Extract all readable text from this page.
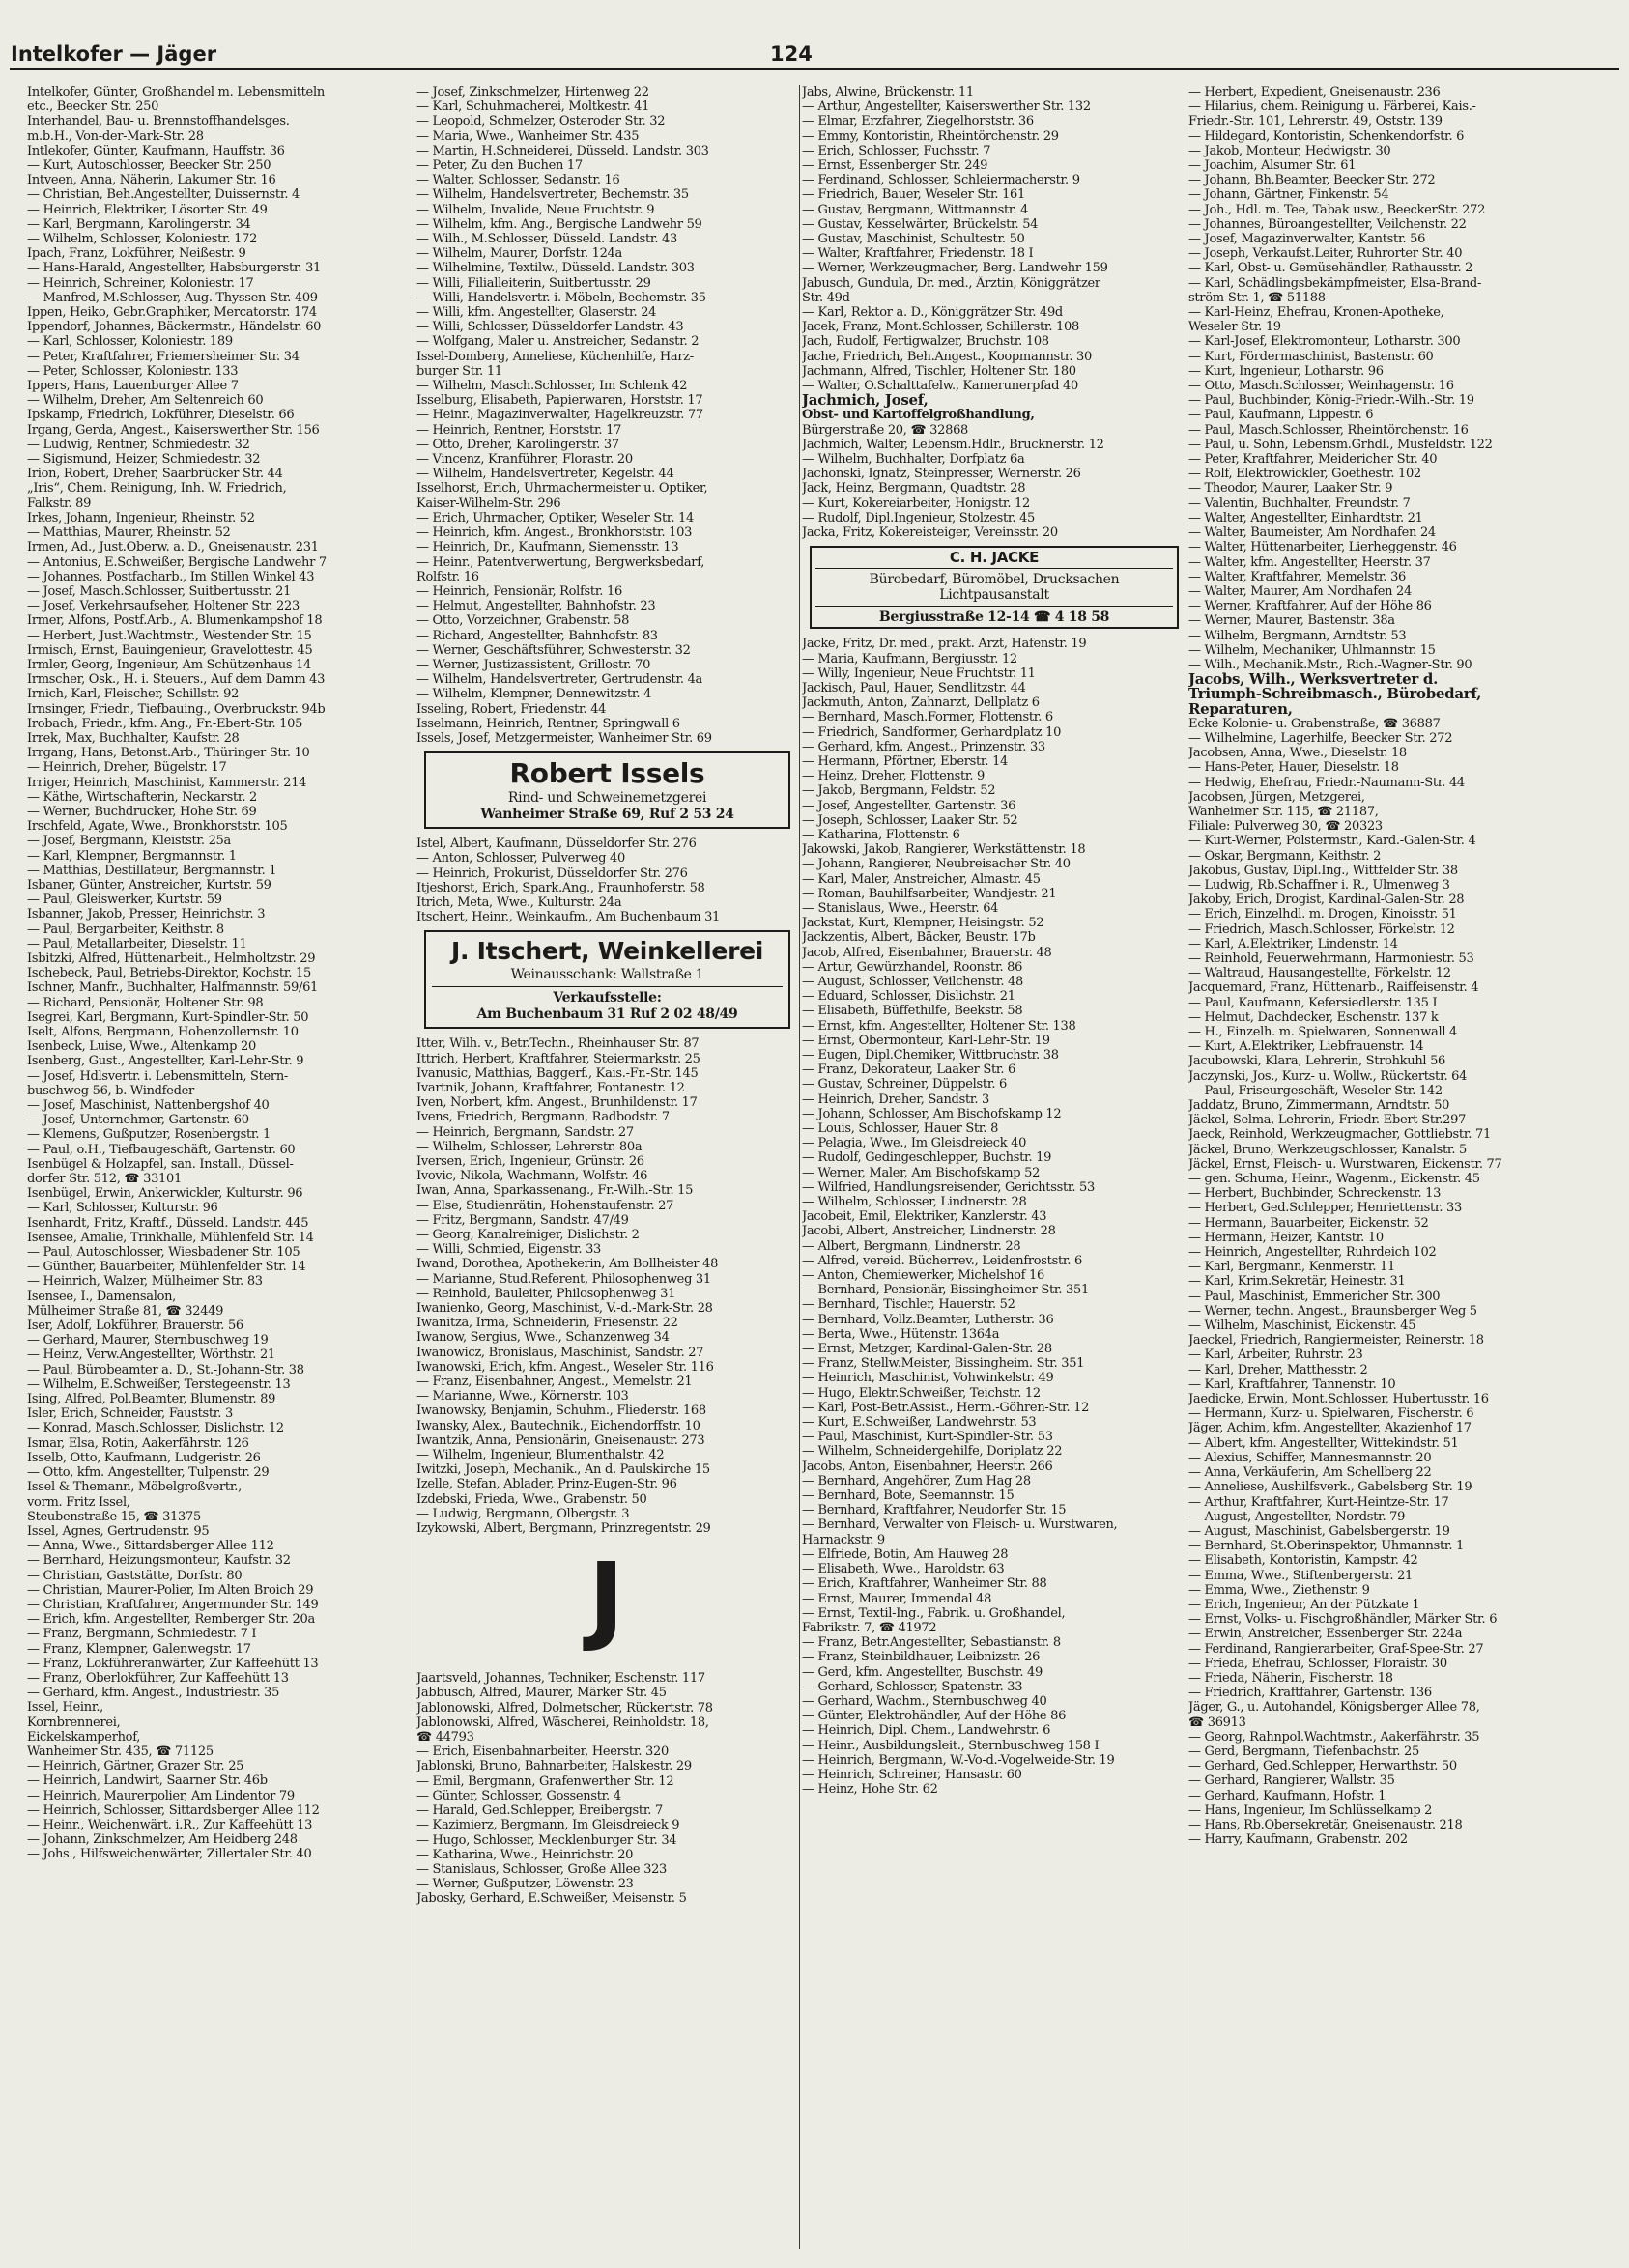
Intelkofer — Jäger	124
Intelkofer, Günter, Großhandel m. Lebensmitteln
etc., Beecker Str. 250
Interhandel, Bau- u. Brennstoffhandelsges.
m.b.H., Von-der-Mark-Str. 28
Intlekofer, Günter, Kaufmann, Hauffstr. 36
— Kurt, Autoschlosser, Beecker Str. 250
Intveen, Anna, Näherin, Lakumer Str. 16
— Christian, Beh.Angestellter, Duissernstr. 4
— Heinrich, Elektriker, Lösorter Str. 49
— Karl, Bergmann, Karolingerstr. 34
— Wilhelm, Schlosser, Koloniestr. 172
Ipach, Franz, Lokführer, Neißestr. 9
— Hans-Harald, Angestellter, Habsburgerstr. 31
— Heinrich, Schreiner, Koloniestr. 17
— Manfred, M.Schlosser, Aug.-Thyssen-Str. 409
Ippen, Heiko, Gebr.Graphiker, Mercatorstr. 174
Ippendorf, Johannes, Bäckermstr., Händelstr. 60
— Karl, Schlosser, Koloniestr. 189
— Peter, Kraftfahrer, Friemersheimer Str. 34
— Peter, Schlosser, Koloniestr. 133
Ippers, Hans, Lauenburger Allee 7
— Wilhelm, Dreher, Am Seltenreich 60
Ipskamp, Friedrich, Lokführer, Dieselstr. 66
Irgang, Gerda, Angest., Kaiserswerther Str. 156
— Ludwig, Rentner, Schmiedestr. 32
— Sigismund, Heizer, Schmiedestr. 32
Irion, Robert, Dreher, Saarbrücker Str. 44
„Iris“, Chem. Reinigung, Inh. W. Friedrich,
Falkstr. 89
Irkes, Johann, Ingenieur, Rheinstr. 52
— Matthias, Maurer, Rheinstr. 52
Irmen, Ad., Just.Oberw. a. D., Gneisenaustr. 231
— Antonius, E.Schweißer, Bergische Landwehr 7
— Johannes, Postfacharb., Im Stillen Winkel 43
— Josef, Masch.Schlosser, Suitbertusstr. 21
— Josef, Verkehrsaufseher, Holtener Str. 223
Irmer, Alfons, Postf.Arb., A. Blumenkampshof 18
— Herbert, Just.Wachtmstr., Westender Str. 15
Irmisch, Ernst, Bauingenieur, Gravelottestr. 45
Irmler, Georg, Ingenieur, Am Schützenhaus 14
Irmscher, Osk., H. i. Steuers., Auf dem Damm 43
Irnich, Karl, Fleischer, Schillstr. 92
Irnsinger, Friedr., Tiefbauing., Overbruckstr. 94b
Irobach, Friedr., kfm. Ang., Fr.-Ebert-Str. 105
Irrek, Max, Buchhalter, Kaufstr. 28
Irrgang, Hans, Betonst.Arb., Thüringer Str. 10
— Heinrich, Dreher, Bügelstr. 17
Irriger, Heinrich, Maschinist, Kammerstr. 214
— Käthe, Wirtschafterin, Neckarstr. 2
— Werner, Buchdrucker, Hohe Str. 69
Irschfeld, Agate, Wwe., Bronkhorststr. 105
— Josef, Bergmann, Kleiststr. 25a
— Karl, Klempner, Bergmannstr. 1
— Matthias, Destillateur, Bergmannstr. 1
Isbaner, Günter, Anstreicher, Kurtstr. 59
— Paul, Gleiswerker, Kurtstr. 59
Isbanner, Jakob, Presser, Heinrichstr. 3
— Paul, Bergarbeiter, Keithstr. 8
— Paul, Metallarbeiter, Dieselstr. 11
Isbitzki, Alfred, Hüttenarbeit., Helmholtzstr. 29
Ischebeck, Paul, Betriebs-Direktor, Kochstr. 15
Ischner, Manfr., Buchhalter, Halfmannstr. 59/61
— Richard, Pensionär, Holtener Str. 98
Isegrei, Karl, Bergmann, Kurt-Spindler-Str. 50
Iselt, Alfons, Bergmann, Hohenzollernstr. 10
Isenbeck, Luise, Wwe., Altenkamp 20
Isenberg, Gust., Angestellter, Karl-Lehr-Str. 9
— Josef, Hdlsvertr. i. Lebensmitteln, Stern-
buschweg 56, b. Windfeder
— Josef, Maschinist, Nattenbergshof 40
— Josef, Unternehmer, Gartenstr. 60
— Klemens, Gußputzer, Rosenbergstr. 1
— Paul, o.H., Tiefbaugeschäft, Gartenstr. 60
Isenbügel & Holzapfel, san. Install., Düssel-
dorfer Str. 512, ☎ 33101
Isenbügel, Erwin, Ankerwickler, Kulturstr. 96
— Karl, Schlosser, Kulturstr. 96
Isenhardt, Fritz, Kraftf., Düsseld. Landstr. 445
Isensee, Amalie, Trinkhalle, Mühlenfeld Str. 14
— Paul, Autoschlosser, Wiesbadener Str. 105
— Günther, Bauarbeiter, Mühlenfelder Str. 14
— Heinrich, Walzer, Mülheimer Str. 83
Isensee, I., Damensalon,
Mülheimer Straße 81, ☎ 32449
Iser, Adolf, Lokführer, Brauerstr. 56
— Gerhard, Maurer, Sternbuschweg 19
— Heinz, Verw.Angestellter, Wörthstr. 21
— Paul, Bürobeamter a. D., St.-Johann-Str. 38
— Wilhelm, E.Schweißer, Terstegeenstr. 13
Ising, Alfred, Pol.Beamter, Blumenstr. 89
Isler, Erich, Schneider, Fauststr. 3
— Konrad, Masch.Schlosser, Dislichstr. 12
Ismar, Elsa, Rotin, Aakerfährstr. 126
Isselb, Otto, Kaufmann, Ludgeristr. 26
— Otto, kfm. Angestellter, Tulpenstr. 29
Issel & Themann, Möbelgroßvertr.,
vorm. Fritz Issel,
Steubenstraße 15, ☎ 31375
Issel, Agnes, Gertrudenstr. 95
— Anna, Wwe., Sittardsberger Allee 112
— Bernhard, Heizungsmonteur, Kaufstr. 32
— Christian, Gaststätte, Dorfstr. 80
— Christian, Maurer-Polier, Im Alten Broich 29
— Christian, Kraftfahrer, Angermunder Str. 149
— Erich, kfm. Angestellter, Remberger Str. 20a
— Franz, Bergmann, Schmiedestr. 7 I
— Franz, Klempner, Galenwegstr. 17
— Franz, Lokführeranwärter, Zur Kaffeehütt 13
— Franz, Oberlokführer, Zur Kaffeehütt 13
— Gerhard, kfm. Angest., Industriestr. 35
Issel, Heinr.,
Kornbrennerei,
Eickelskamperhof,
Wanheimer Str. 435, ☎ 71125
— Heinrich, Gärtner, Grazer Str. 25
— Heinrich, Landwirt, Saarner Str. 46b
— Heinrich, Maurerpolier, Am Lindentor 79
— Heinrich, Schlosser, Sittardsberger Allee 112
— Heinr., Weichenwärt. i.R., Zur Kaffeehütt 13
— Johann, Zinkschmelzer, Am Heidberg 248
— Johs., Hilfsweichenwärter, Zillertaler Str. 40
— Josef, Zinkschmelzer, Hirtenweg 22
— Karl, Schuhmacherei, Moltkestr. 41
— Leopold, Schmelzer, Osteroder Str. 32
— Maria, Wwe., Wanheimer Str. 435
— Martin, H.Schneiderei, Düsseld. Landstr. 303
— Peter, Zu den Buchen 17
— Walter, Schlosser, Sedanstr. 16
— Wilhelm, Handelsvertreter, Bechemstr. 35
— Wilhelm, Invalide, Neue Fruchtstr. 9
— Wilhelm, kfm. Ang., Bergische Landwehr 59
— Wilh., M.Schlosser, Düsseld. Landstr. 43
— Wilhelm, Maurer, Dorfstr. 124a
— Wilhelmine, Textilw., Düsseld. Landstr. 303
— Willi, Filialleiterin, Suitbertusstr. 29
— Willi, Handelsvertr. i. Möbeln, Bechemstr. 35
— Willi, kfm. Angestellter, Glaserstr. 24
— Willi, Schlosser, Düsseldorfer Landstr. 43
— Wolfgang, Maler u. Anstreicher, Sedanstr. 2
Issel-Domberg, Anneliese, Küchenhilfe, Harz-
burger Str. 11
— Wilhelm, Masch.Schlosser, Im Schlenk 42
Isselburg, Elisabeth, Papierwaren, Horststr. 17
— Heinr., Magazinverwalter, Hagelkreuzstr. 77
— Heinrich, Rentner, Horststr. 17
— Otto, Dreher, Karolingerstr. 37
— Vincenz, Kranführer, Florastr. 20
— Wilhelm, Handelsvertreter, Kegelstr. 44
Isselhorst, Erich, Uhrmachermeister u. Optiker,
Kaiser-Wilhelm-Str. 296
— Erich, Uhrmacher, Optiker, Weseler Str. 14
— Heinrich, kfm. Angest., Bronkhorststr. 103
— Heinrich, Dr., Kaufmann, Siemensstr. 13
— Heinr., Patentverwertung, Bergwerksbedarf,
Rolfstr. 16
— Heinrich, Pensionär, Rolfstr. 16
— Helmut, Angestellter, Bahnhofstr. 23
— Otto, Vorzeichner, Grabenstr. 58
— Richard, Angestellter, Bahnhofstr. 83
— Werner, Geschäftsführer, Schwesterstr. 32
— Werner, Justizassistent, Grillostr. 70
— Wilhelm, Handelsvertreter, Gertrudenstr. 4a
— Wilhelm, Klempner, Dennewitzstr. 4
Isseling, Robert, Friedenstr. 44
Isselmann, Heinrich, Rentner, Springwall 6
Issels, Josef, Metzgermeister, Wanheimer Str. 69
Robert Issels
Rind- und Schweinemetzgerei
Wanheimer Straße 69, Ruf 2 53 24
Istel, Albert, Kaufmann, Düsseldorfer Str. 276
— Anton, Schlosser, Pulverweg 40
— Heinrich, Prokurist, Düsseldorfer Str. 276
Itjeshorst, Erich, Spark.Ang., Fraunhoferstr. 58
Itrich, Meta, Wwe., Kulturstr. 24a
Itschert, Heinr., Weinkaufm., Am Buchenbaum 31
J. Itschert, Weinkellerei
Weinausschank: Wallstraße 1
Verkaufsstelle:
Am Buchenbaum 31 Ruf 2 02 48/49
Itter, Wilh. v., Betr.Techn., Rheinhauser Str. 87
Ittrich, Herbert, Kraftfahrer, Steiermarkstr. 25
Ivanusic, Matthias, Baggerf., Kais.-Fr.-Str. 145
Ivartnik, Johann, Kraftfahrer, Fontanestr. 12
Iven, Norbert, kfm. Angest., Brunhildenstr. 17
Ivens, Friedrich, Bergmann, Radbodstr. 7
— Heinrich, Bergmann, Sandstr. 27
— Wilhelm, Schlosser, Lehrerstr. 80a
Iversen, Erich, Ingenieur, Grünstr. 26
Ivovic, Nikola, Wachmann, Wolfstr. 46
Iwan, Anna, Sparkassenang., Fr.-Wilh.-Str. 15
— Else, Studienrätin, Hohenstaufenstr. 27
— Fritz, Bergmann, Sandstr. 47/49
— Georg, Kanalreiniger, Dislichstr. 2
— Willi, Schmied, Eigenstr. 33
Iwand, Dorothea, Apothekerin, Am Bollheister 48
— Marianne, Stud.Referent, Philosophenweg 31
— Reinhold, Bauleiter, Philosophenweg 31
Iwanienko, Georg, Maschinist, V.-d.-Mark-Str. 28
Iwanitza, Irma, Schneiderin, Friesenstr. 22
Iwanow, Sergius, Wwe., Schanzenweg 34
Iwanowicz, Bronislaus, Maschinist, Sandstr. 27
Iwanowski, Erich, kfm. Angest., Weseler Str. 116
— Franz, Eisenbahner, Angest., Memelstr. 21
— Marianne, Wwe., Körnerstr. 103
Iwanowsky, Benjamin, Schuhm., Fliederstr. 168
Iwansky, Alex., Bautechnik., Eichendorffstr. 10
Iwantzik, Anna, Pensionärin, Gneisenaustr. 273
— Wilhelm, Ingenieur, Blumenthalstr. 42
Iwitzki, Joseph, Mechanik., An d. Paulskirche 15
Izelle, Stefan, Ablader, Prinz-Eugen-Str. 96
Izdebski, Frieda, Wwe., Grabenstr. 50
— Ludwig, Bergmann, Ölbergstr. 3
Izykowski, Albert, Bergmann, Prinzregentstr. 29
J
Jaartsveld, Johannes, Techniker, Eschenstr. 117
Jabbusch, Alfred, Maurer, Märker Str. 45
Jablonowski, Alfred, Dolmetscher, Rückertstr. 78
Jablonowski, Alfred, Wäscherei, Reinholdstr. 18,
☎ 44793
— Erich, Eisenbahnarbeiter, Heerstr. 320
Jablonski, Bruno, Bahnarbeiter, Halskestr. 29
— Emil, Bergmann, Grafenwerther Str. 12
— Günter, Schlosser, Gossenstr. 4
— Harald, Ged.Schlepper, Breibergstr. 7
— Kazimierz, Bergmann, Im Gleisdreieck 9
— Hugo, Schlosser, Mecklenburger Str. 34
— Katharina, Wwe., Heinrichstr. 20
— Stanislaus, Schlosser, Große Allee 323
— Werner, Gußputzer, Löwenstr. 23
Jabosky, Gerhard, E.Schweißer, Meisenstr. 5
Jabs, Alwine, Brückenstr. 11
— Arthur, Angestellter, Kaiserswerther Str. 132
— Elmar, Erzfahrer, Ziegelhorststr. 36
— Emmy, Kontoristin, Rheintörchenstr. 29
— Erich, Schlosser, Fuchsstr. 7
— Ernst, Essenberger Str. 249
— Ferdinand, Schlosser, Schleiermacherstr. 9
— Friedrich, Bauer, Weseler Str. 161
— Gustav, Bergmann, Wittmannstr. 4
— Gustav, Kesselwärter, Brückelstr. 54
— Gustav, Maschinist, Schultestr. 50
— Walter, Kraftfahrer, Friedenstr. 18 I
— Werner, Werkzeugmacher, Berg. Landwehr 159
Jabusch, Gundula, Dr. med., Ärztin, Königgrätzer
Str. 49d
— Karl, Rektor a. D., Königgrätzer Str. 49d
Jacek, Franz, Mont.Schlosser, Schillerstr. 108
Jach, Rudolf, Fertigwalzer, Bruchstr. 108
Jache, Friedrich, Beh.Angest., Koopmannstr. 30
Jachmann, Alfred, Tischler, Holtener Str. 180
— Walter, O.Schalttafelw., Kamerunerpfad 40
Jachmich, Josef,
Obst- und Kartoffelgroßhandlung,
Bürgerstraße 20, ☎ 32868
Jachmich, Walter, Lebensm.Hdlr., Brucknerstr. 12
— Wilhelm, Buchhalter, Dorfplatz 6a
Jachonski, Ignatz, Steinpresser, Wernerstr. 26
Jack, Heinz, Bergmann, Quadtstr. 28
— Kurt, Kokereiarbeiter, Honigstr. 12
— Rudolf, Dipl.Ingenieur, Stolzestr. 45
Jacka, Fritz, Kokereisteiger, Vereinsstr. 20
C. H. JACKE
Bürobedarf, Büromöbel, Drucksachen
Lichtpausanstalt
Bergiusstraße 12-14 ☎ 4 18 58
Jacke, Fritz, Dr. med., prakt. Arzt, Hafenstr. 19
— Maria, Kaufmann, Bergiusstr. 12
— Willy, Ingenieur, Neue Fruchtstr. 11
Jackisch, Paul, Hauer, Sendlitzstr. 44
Jackmuth, Anton, Zahnarzt, Dellplatz 6
— Bernhard, Masch.Former, Flottenstr. 6
— Friedrich, Sandformer, Gerhardplatz 10
— Gerhard, kfm. Angest., Prinzenstr. 33
— Hermann, Pförtner, Eberstr. 14
— Heinz, Dreher, Flottenstr. 9
— Jakob, Bergmann, Feldstr. 52
— Josef, Angestellter, Gartenstr. 36
— Joseph, Schlosser, Laaker Str. 52
— Katharina, Flottenstr. 6
Jakowski, Jakob, Rangierer, Werkstättenstr. 18
— Johann, Rangierer, Neubreisacher Str. 40
— Karl, Maler, Anstreicher, Almastr. 45
— Roman, Bauhilfsarbeiter, Wandjestr. 21
— Stanislaus, Wwe., Heerstr. 64
Jackstat, Kurt, Klempner, Heisingstr. 52
Jackzentis, Albert, Bäcker, Beustr. 17b
Jacob, Alfred, Eisenbahner, Brauerstr. 48
— Artur, Gewürzhandel, Roonstr. 86
— August, Schlosser, Veilchenstr. 48
— Eduard, Schlosser, Dislichstr. 21
— Elisabeth, Büffethilfe, Beekstr. 58
— Ernst, kfm. Angestellter, Holtener Str. 138
— Ernst, Obermonteur, Karl-Lehr-Str. 19
— Eugen, Dipl.Chemiker, Wittbruchstr. 38
— Franz, Dekorateur, Laaker Str. 6
— Gustav, Schreiner, Düppelstr. 6
— Heinrich, Dreher, Sandstr. 3
— Johann, Schlosser, Am Bischofskamp 12
— Louis, Schlosser, Hauer Str. 8
— Pelagia, Wwe., Im Gleisdreieck 40
— Rudolf, Gedingeschlepper, Buchstr. 19
— Werner, Maler, Am Bischofskamp 52
— Wilfried, Handlungsreisender, Gerichtsstr. 53
— Wilhelm, Schlosser, Lindnerstr. 28
Jacobeit, Emil, Elektriker, Kanzlerstr. 43
Jacobi, Albert, Anstreicher, Lindnerstr. 28
— Albert, Bergmann, Lindnerstr. 28
— Alfred, vereid. Bücherrev., Leidenfroststr. 6
— Anton, Chemiewerker, Michelshof 16
— Bernhard, Pensionär, Bissingheimer Str. 351
— Bernhard, Tischler, Hauerstr. 52
— Bernhard, Vollz.Beamter, Lutherstr. 36
— Berta, Wwe., Hütenstr. 1364a
— Ernst, Metzger, Kardinal-Galen-Str. 28
— Franz, Stellw.Meister, Bissingheim. Str. 351
— Heinrich, Maschinist, Vohwinkelstr. 49
— Hugo, Elektr.Schweißer, Teichstr. 12
— Karl, Post-Betr.Assist., Herm.-Göhren-Str. 12
— Kurt, E.Schweißer, Landwehrstr. 53
— Paul, Maschinist, Kurt-Spindler-Str. 53
— Wilhelm, Schneidergehilfe, Doriplatz 22
Jacobs, Anton, Eisenbahner, Heerstr. 266
— Bernhard, Angehörer, Zum Hag 28
— Bernhard, Bote, Seemannstr. 15
— Bernhard, Kraftfahrer, Neudorfer Str. 15
— Bernhard, Verwalter von Fleisch- u. Wurstwaren,
Harnackstr. 9
— Elfriede, Botin, Am Hauweg 28
— Elisabeth, Wwe., Haroldstr. 63
— Erich, Kraftfahrer, Wanheimer Str. 88
— Ernst, Maurer, Immendal 48
— Ernst, Textil-Ing., Fabrik. u. Großhandel,
Fabrikstr. 7, ☎ 41972
— Franz, Betr.Angestellter, Sebastianstr. 8
— Franz, Steinbildhauer, Leibnizstr. 26
— Gerd, kfm. Angestellter, Buschstr. 49
— Gerhard, Schlosser, Spatenstr. 33
— Gerhard, Wachm., Sternbuschweg 40
— Günter, Elektrohändler, Auf der Höhe 86
— Heinrich, Dipl. Chem., Landwehrstr. 6
— Heinr., Ausbildungsleit., Sternbuschweg 158 I
— Heinrich, Bergmann, W.-Vo-d.-Vogelweide-Str. 19
— Heinrich, Schreiner, Hansastr. 60
— Heinz, Hohe Str. 62
— Herbert, Expedient, Gneisenaustr. 236
— Hilarius, chem. Reinigung u. Färberei, Kais.-
Friedr.-Str. 101, Lehrerstr. 49, Oststr. 139
— Hildegard, Kontoristin, Schenkendorfstr. 6
— Jakob, Monteur, Hedwigstr. 30
— Joachim, Alsumer Str. 61
— Johann, Bh.Beamter, Beecker Str. 272
— Johann, Gärtner, Finkenstr. 54
— Joh., Hdl. m. Tee, Tabak usw., BeeckerStr. 272
— Johannes, Büroangestellter, Veilchenstr. 22
— Josef, Magazinverwalter, Kantstr. 56
— Joseph, Verkaufst.Leiter, Ruhrorter Str. 40
— Karl, Obst- u. Gemüsehändler, Rathausstr. 2
— Karl, Schädlingsbekämpfmeister, Elsa-Brand-
ström-Str. 1, ☎ 51188
— Karl-Heinz, Ehefrau, Kronen-Apotheke,
Weseler Str. 19
— Karl-Josef, Elektromonteur, Lotharstr. 300
— Kurt, Fördermaschinist, Bastenstr. 60
— Kurt, Ingenieur, Lotharstr. 96
— Otto, Masch.Schlosser, Weinhagenstr. 16
— Paul, Buchbinder, König-Friedr.-Wilh.-Str. 19
— Paul, Kaufmann, Lippestr. 6
— Paul, Masch.Schlosser, Rheintörchenstr. 16
— Paul, u. Sohn, Lebensm.Grhdl., Musfeldstr. 122
— Peter, Kraftfahrer, Meidericher Str. 40
— Rolf, Elektrowickler, Goethestr. 102
— Theodor, Maurer, Laaker Str. 9
— Valentin, Buchhalter, Freundstr. 7
— Walter, Angestellter, Einhardtstr. 21
— Walter, Baumeister, Am Nordhafen 24
— Walter, Hüttenarbeiter, Lierheggenstr. 46
— Walter, kfm. Angestellter, Heerstr. 37
— Walter, Kraftfahrer, Memelstr. 36
— Walter, Maurer, Am Nordhafen 24
— Werner, Kraftfahrer, Auf der Höhe 86
— Werner, Maurer, Bastenstr. 38a
— Wilhelm, Bergmann, Arndtstr. 53
— Wilhelm, Mechaniker, Uhlmannstr. 15
— Wilh., Mechanik.Mstr., Rich.-Wagner-Str. 90
Jacobs, Wilh., Werksvertreter d.
Triumph-Schreibmasch., Bürobedarf,
Reparaturen,
Ecke Kolonie- u. Grabenstraße, ☎ 36887
— Wilhelmine, Lagerhilfe, Beecker Str. 272
Jacobsen, Anna, Wwe., Dieselstr. 18
— Hans-Peter, Hauer, Dieselstr. 18
— Hedwig, Ehefrau, Friedr.-Naumann-Str. 44
Jacobsen, Jürgen, Metzgerei,
Wanheimer Str. 115, ☎ 21187,
Filiale: Pulverweg 30, ☎ 20323
— Kurt-Werner, Polstermstr., Kard.-Galen-Str. 4
— Oskar, Bergmann, Keithstr. 2
Jakobus, Gustav, Dipl.Ing., Wittfelder Str. 38
— Ludwig, Rb.Schaffner i. R., Ulmenweg 3
Jakoby, Erich, Drogist, Kardinal-Galen-Str. 28
— Erich, Einzelhdl. m. Drogen, Kinoisstr. 51
— Friedrich, Masch.Schlosser, Förkelstr. 12
— Karl, A.Elektriker, Lindenstr. 14
— Reinhold, Feuerwehrmann, Harmoniestr. 53
— Waltraud, Hausangestellte, Förkelstr. 12
Jacquemard, Franz, Hüttenarb., Raiffeisenstr. 4
— Paul, Kaufmann, Kefersiedlerstr. 135 I
— Helmut, Dachdecker, Eschenstr. 137 k
— H., Einzelh. m. Spielwaren, Sonnenwall 4
— Kurt, A.Elektriker, Liebfrauenstr. 14
Jacubowski, Klara, Lehrerin, Strohkuhl 56
Jaczynski, Jos., Kurz- u. Wollw., Rückertstr. 64
— Paul, Friseurgeschäft, Weseler Str. 142
Jaddatz, Bruno, Zimmermann, Arndtstr. 50
Jäckel, Selma, Lehrerin, Friedr.-Ebert-Str.297
Jaeck, Reinhold, Werkzeugmacher, Gottliebstr. 71
Jäckel, Bruno, Werkzeugschlosser, Kanalstr. 5
Jäckel, Ernst, Fleisch- u. Wurstwaren, Eickenstr. 77
— gen. Schuma, Heinr., Wagenm., Eickenstr. 45
— Herbert, Buchbinder, Schreckenstr. 13
— Herbert, Ged.Schlepper, Henriettenstr. 33
— Hermann, Bauarbeiter, Eickenstr. 52
— Hermann, Heizer, Kantstr. 10
— Heinrich, Angestellter, Ruhrdeich 102
— Karl, Bergmann, Kenmerstr. 11
— Karl, Krim.Sekretär, Heinestr. 31
— Paul, Maschinist, Emmericher Str. 300
— Werner, techn. Angest., Braunsberger Weg 5
— Wilhelm, Maschinist, Eickenstr. 45
Jaeckel, Friedrich, Rangiermeister, Reinerstr. 18
— Karl, Arbeiter, Ruhrstr. 23
— Karl, Dreher, Matthesstr. 2
— Karl, Kraftfahrer, Tannenstr. 10
Jaedicke, Erwin, Mont.Schlosser, Hubertusstr. 16
— Hermann, Kurz- u. Spielwaren, Fischerstr. 6
Jäger, Achim, kfm. Angestellter, Akazienhof 17
— Albert, kfm. Angestellter, Wittekindstr. 51
— Alexius, Schiffer, Mannesmannstr. 20
— Anna, Verkäuferin, Am Schellberg 22
— Anneliese, Aushilfsverk., Gabelsberg Str. 19
— Arthur, Kraftfahrer, Kurt-Heintze-Str. 17
— August, Angestellter, Nordstr. 79
— August, Maschinist, Gabelsbergerstr. 19
— Bernhard, St.Oberinspektor, Uhmannstr. 1
— Elisabeth, Kontoristin, Kampstr. 42
— Emma, Wwe., Stiftenbergerstr. 21
— Emma, Wwe., Ziethenstr. 9
— Erich, Ingenieur, An der Pützkate 1
— Ernst, Volks- u. Fischgroßhändler, Märker Str. 6
— Erwin, Anstreicher, Essenberger Str. 224a
— Ferdinand, Rangierarbeiter, Graf-Spee-Str. 27
— Frieda, Ehefrau, Schlosser, Floraistr. 30
— Frieda, Näherin, Fischerstr. 18
— Friedrich, Kraftfahrer, Gartenstr. 136
Jäger, G., u. Autohandel, Königsberger Allee 78,
☎ 36913
— Georg, Rahnpol.Wachtmstr., Aakerfährstr. 35
— Gerd, Bergmann, Tiefenbachstr. 25
— Gerhard, Ged.Schlepper, Herwarthstr. 50
— Gerhard, Rangierer, Wallstr. 35
— Gerhard, Kaufmann, Hofstr. 1
— Hans, Ingenieur, Im Schlüsselkamp 2
— Hans, Rb.Obersekretär, Gneisenaustr. 218
— Harry, Kaufmann, Grabenstr. 202
